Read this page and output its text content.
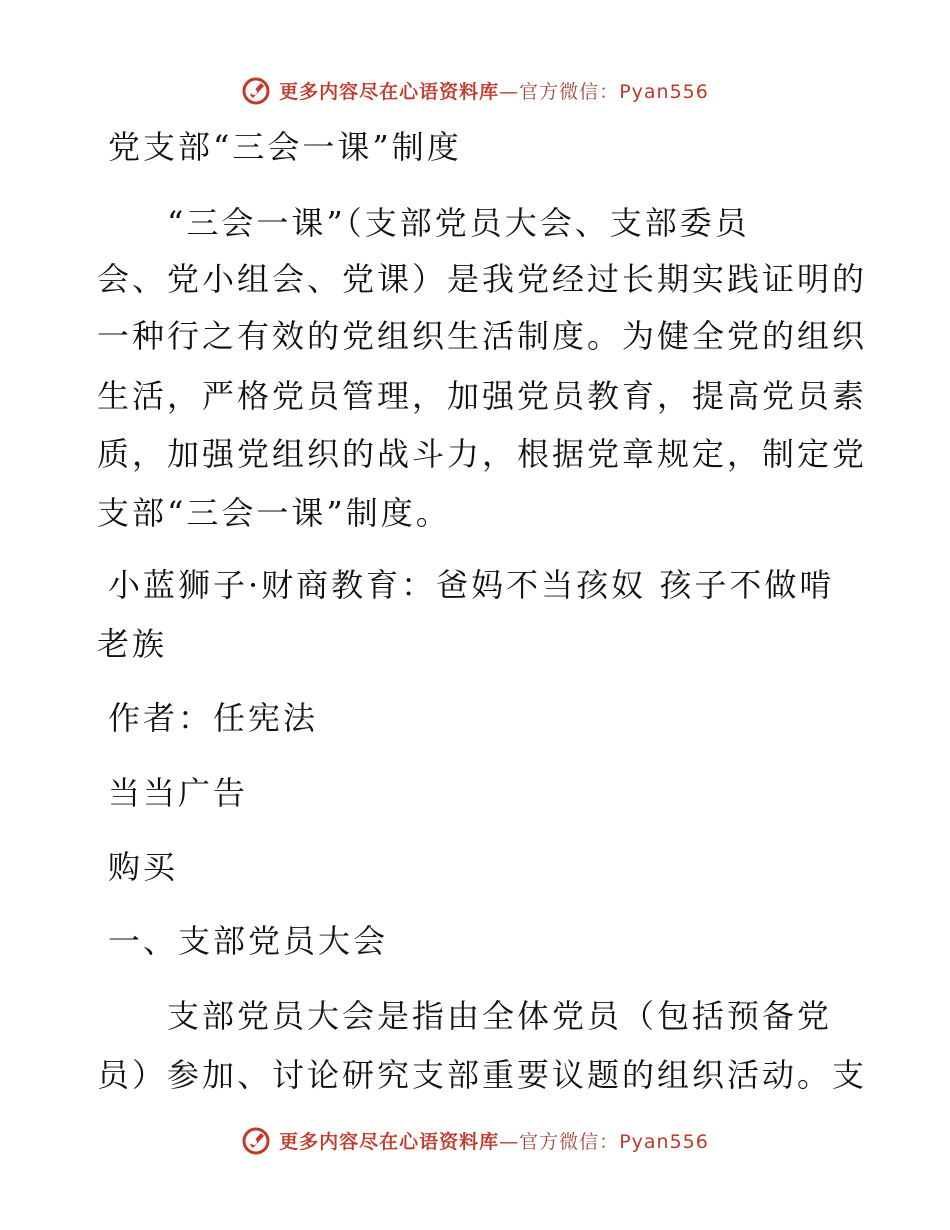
更多内容尽在心语资料库—官方微信：Pyan556
党支部“三会一课”制度
　　“三会一课”（支部党员大会、支部委员
会、党小组会、党课）是我党经过长期实践证明的
一种行之有效的党组织生活制度。为健全党的组织
生活，严格党员管理，加强党员教育，提高党员素
质，加强党组织的战斗力，根据党章规定，制定党
支部“三会一课”制度。
小蓝狮子·财商教育：爸妈不当孩奴 孩子不做啃
老族
作者：任宪法
当当广告
购买
一、支部党员大会
　　支部党员大会是指由全体党员（包括预备党
员）参加、讨论研究支部重要议题的组织活动。支
更多内容尽在心语资料库—官方微信：Pyan556
